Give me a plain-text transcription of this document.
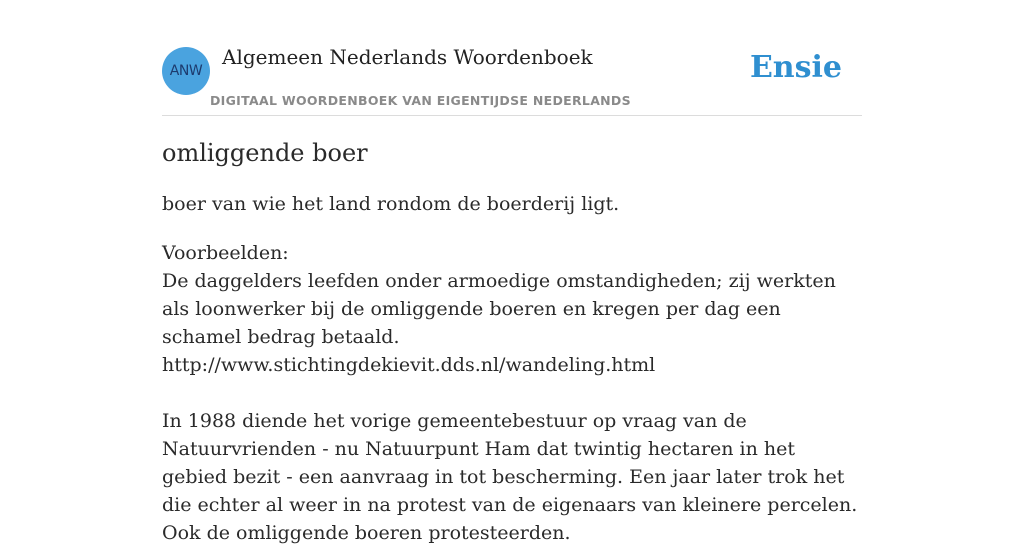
ANW
Algemeen Nederlands Woordenboek
DIGITAAL WOORDENBOEK VAN EIGENTIJDSE NEDERLANDS
Ensie
omliggende boer
boer van wie het land rondom de boerderij ligt.

Voorbeelden:

De daggelders leefden onder armoedige omstandigheden; zij werkten als loonwerker bij de omliggende boeren en kregen per dag een schamel bedrag betaald.

http://www.stichtingdekievit.dds.nl/wandeling.html

In 1988 diende het vorige gemeentebestuur op vraag van de Natuurvrienden - nu Natuurpunt Ham dat twintig hectaren in het gebied bezit - een aanvraag in tot bescherming. Een jaar later trok het die echter al weer in na protest van de eigenaars van kleinere percelen. Ook de omliggende boeren protesteerden.
